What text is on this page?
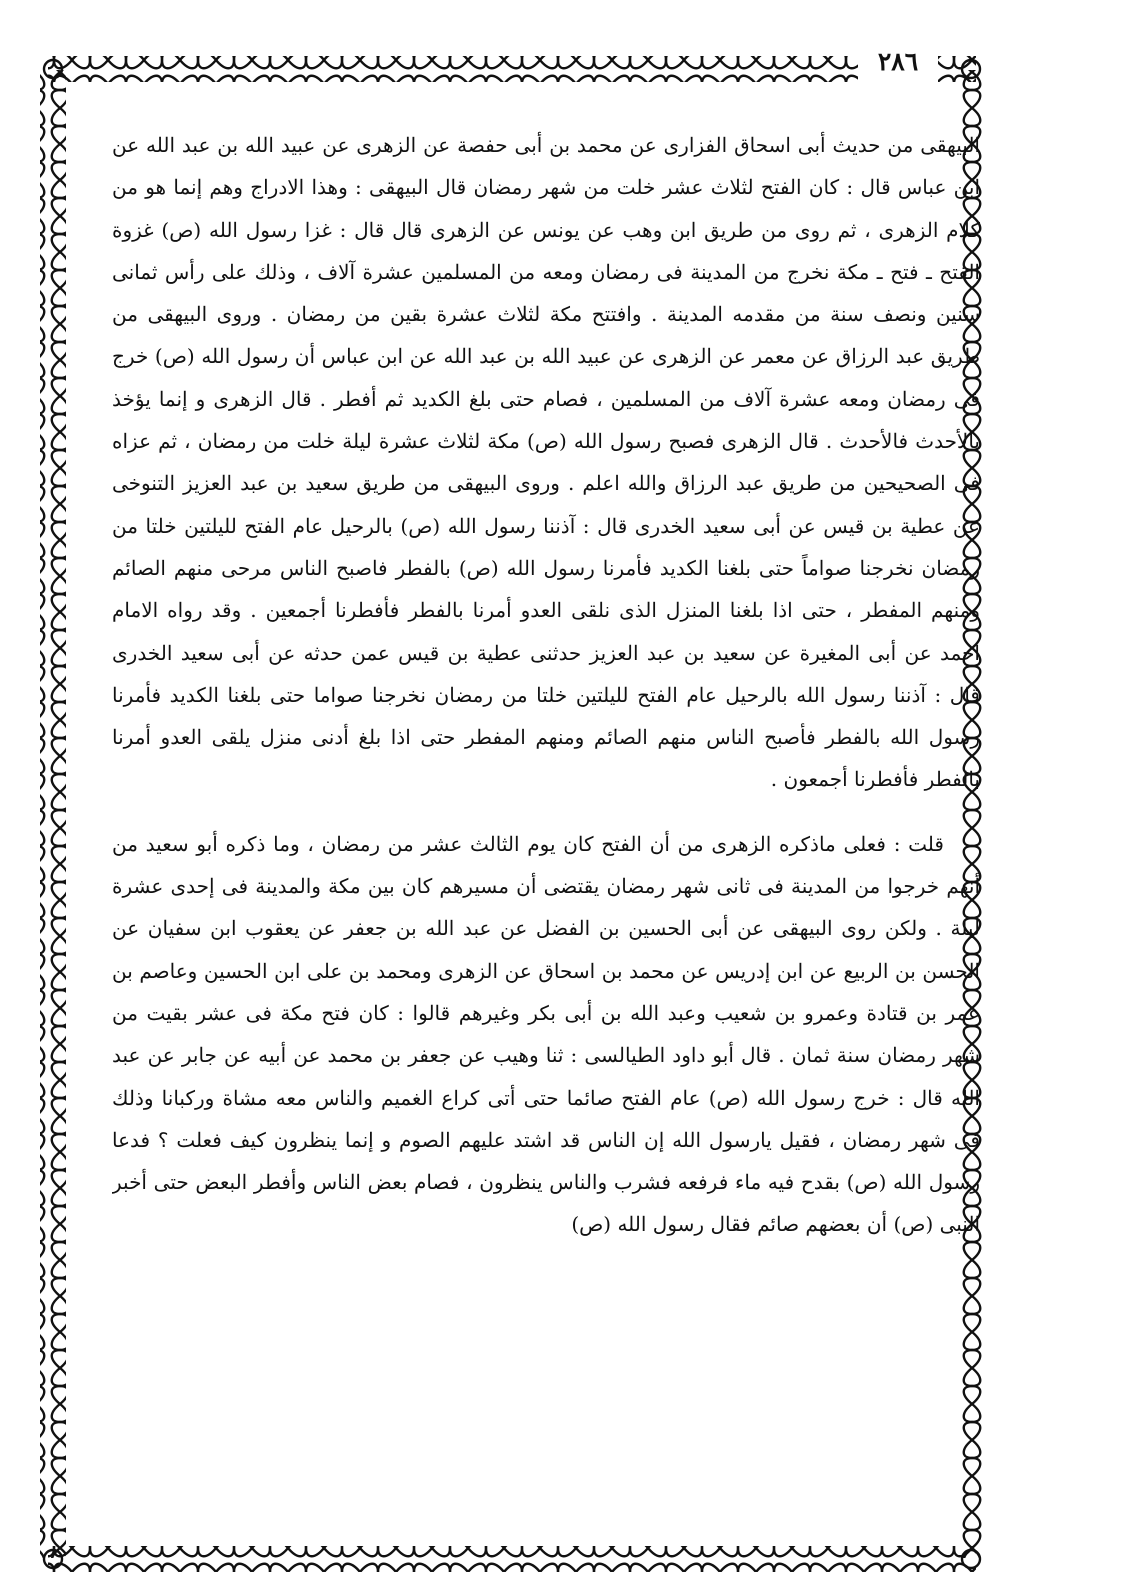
٢٨٦

البيهقى من حديث أبى اسحاق الفزارى عن محمد بن أبى حفصة عن الزهرى عن عبيد الله بن عبد الله عن ابن عباس قال : كان الفتح لثلاث عشر خلت من شهر رمضان قال البيهقى : وهذا الادراج وهم إنما هو من كلام الزهرى ، ثم روى من طريق ابن وهب عن يونس عن الزهرى قال قال : غزا رسول الله (ص) غزوة الفتح ـ فتح ـ مكة نخرج من المدينة فى رمضان ومعه من المسلمين عشرة آلاف ، وذلك على رأس ثمانى سنين ونصف سنة من مقدمه المدينة . وافتتح مكة لثلاث عشرة بقين من رمضان . وروى البيهقى من طريق عبد الرزاق عن معمر عن الزهرى عن عبيد الله بن عبد الله عن ابن عباس أن رسول الله (ص) خرج فى رمضان ومعه عشرة آلاف من المسلمين ، فصام حتى بلغ الكديد ثم أفطر . قال الزهرى و إنما يؤخذ بالأحدث فالأحدث . قال الزهرى فصبح رسول الله (ص) مكة لثلاث عشرة ليلة خلت من رمضان ، ثم عزاه فى الصحيحين من طريق عبد الرزاق والله اعلم . وروى البيهقى من طريق سعيد بن عبد العزيز التنوخى عن عطية بن قيس عن أبى سعيد الخدرى قال : آذننا رسول الله (ص) بالرحيل عام الفتح لليلتين خلتا من رمضان نخرجنا صواماً حتى بلغنا الكديد فأمرنا رسول الله (ص) بالفطر فاصبح الناس مرحى منهم الصائم ومنهم المفطر ، حتى اذا بلغنا المنزل الذى نلقى العدو أمرنا بالفطر فأفطرنا أجمعين . وقد رواه الامام احمد عن أبى المغيرة عن سعيد بن عبد العزيز حدثنى عطية بن قيس عمن حدثه عن أبى سعيد الخدرى قال : آذننا رسول الله بالرحيل عام الفتح لليلتين خلتا من رمضان نخرجنا صواما حتى بلغنا الكديد فأمرنا رسول الله بالفطر فأصبح الناس منهم الصائم ومنهم المفطر حتى اذا بلغ أدنى منزل يلقى العدو أمرنا بالفطر فأفطرنا أجمعون .

قلت : فعلى ماذكره الزهرى من أن الفتح كان يوم الثالث عشر من رمضان ، وما ذكره أبو سعيد من أنهم خرجوا من المدينة فى ثانى شهر رمضان يقتضى أن مسيرهم كان بين مكة والمدينة فى إحدى عشرة ليلة . ولكن روى البيهقى عن أبى الحسين بن الفضل عن عبد الله بن جعفر عن يعقوب ابن سفيان عن الحسن بن الربيع عن ابن إدريس عن محمد بن اسحاق عن الزهرى ومحمد بن على ابن الحسين وعاصم بن عمر بن قتادة وعمرو بن شعيب وعبد الله بن أبى بكر وغيرهم قالوا : كان فتح مكة فى عشر بقيت من شهر رمضان سنة ثمان . قال أبو داود الطيالسى : ثنا وهيب عن جعفر بن محمد عن أبيه عن جابر عن عبد الله قال : خرج رسول الله (ص) عام الفتح صائما حتى أتى كراع الغميم والناس معه مشاة وركبانا وذلك فى شهر رمضان ، فقيل يارسول الله إن الناس قد اشتد عليهم الصوم و إنما ينظرون كيف فعلت ؟ فدعا رسول الله (ص) بقدح فيه ماء فرفعه فشرب والناس ينظرون ، فصام بعض الناس وأفطر البعض حتى أخبر النبى (ص) أن بعضهم صائم فقال رسول الله (ص)
